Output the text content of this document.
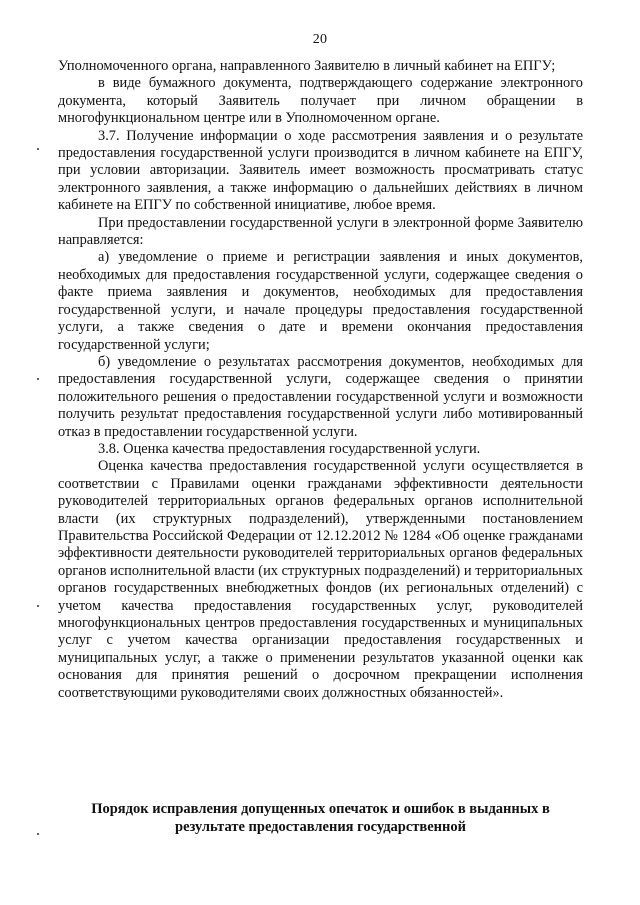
20

Уполномоченного органа, направленного Заявителю в личный кабинет на ЕПГУ;

в виде бумажного документа, подтверждающего содержание электронного документа, который Заявитель получает при личном обращении в многофункциональном центре или в Уполномоченном органе.

3.7. Получение информации о ходе рассмотрения заявления и о результате предоставления государственной услуги производится в личном кабинете на ЕПГУ, при условии авторизации. Заявитель имеет возможность просматривать статус электронного заявления, а также информацию о дальнейших действиях в личном кабинете на ЕПГУ по собственной инициативе, любое время.

При предоставлении государственной услуги в электронной форме Заявителю направляется:

а) уведомление о приеме и регистрации заявления и иных документов, необходимых для предоставления государственной услуги, содержащее сведения о факте приема заявления и документов, необходимых для предоставления государственной услуги, и начале процедуры предоставления государственной услуги, а также сведения о дате и времени окончания предоставления государственной услуги;

б) уведомление о результатах рассмотрения документов, необходимых для предоставления государственной услуги, содержащее сведения о принятии положительного решения о предоставлении государственной услуги и возможности получить результат предоставления государственной услуги либо мотивированный отказ в предоставлении государственной услуги.

3.8. Оценка качества предоставления государственной услуги.

Оценка качества предоставления государственной услуги осуществляется в соответствии с Правилами оценки гражданами эффективности деятельности руководителей территориальных органов федеральных органов исполнительной власти (их структурных подразделений), утвержденными постановлением Правительства Российской Федерации от 12.12.2012 № 1284 «Об оценке гражданами эффективности деятельности руководителей территориальных органов федеральных органов исполнительной власти (их структурных подразделений) и территориальных органов государственных внебюджетных фондов (их региональных отделений) с учетом качества предоставления государственных услуг, руководителей многофункциональных центров предоставления государственных и муниципальных услуг с учетом качества организации предоставления государственных и муниципальных услуг, а также о применении результатов указанной оценки как основания для принятия решений о досрочном прекращении исполнения соответствующими руководителями своих должностных обязанностей».

Порядок исправления допущенных опечаток и ошибок в выданных в результате предоставления государственной
